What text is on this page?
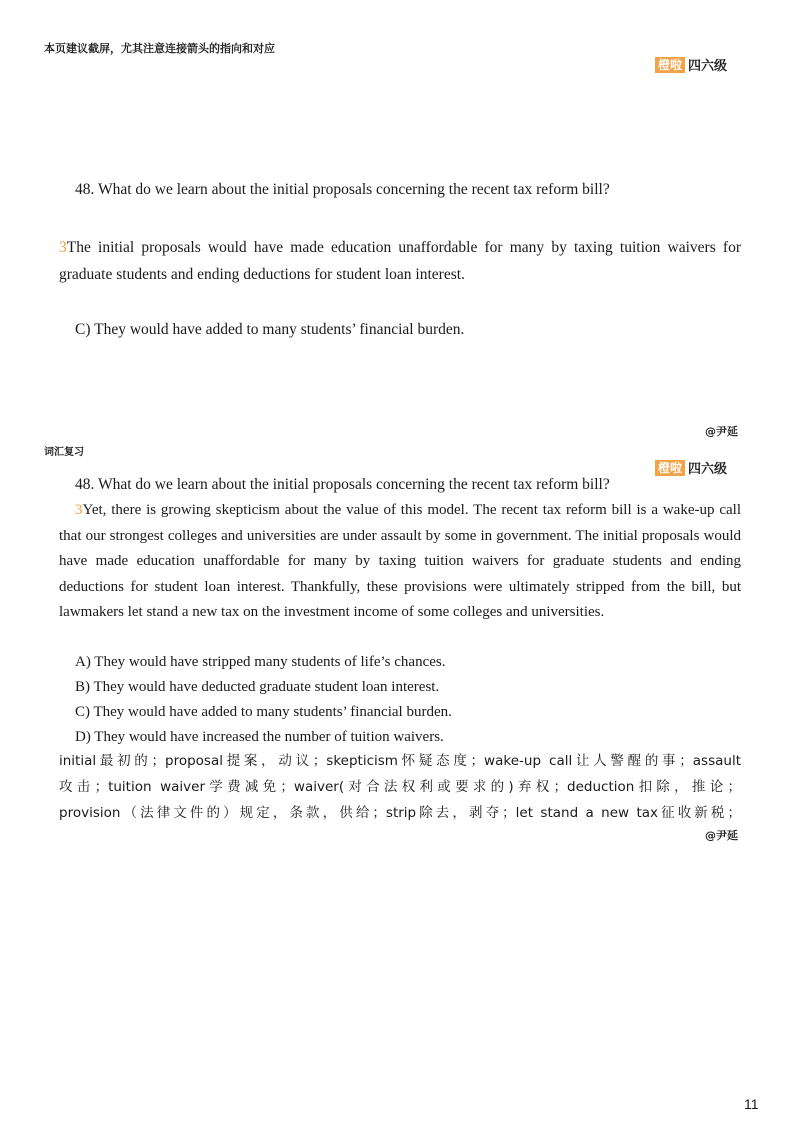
本页建议截屏，尤其注意连接箭头的指向和对应
橙啦 四六级
48. What do we learn about the initial proposals concerning the recent tax reform bill?
3The initial proposals would have made education unaffordable for many by taxing tuition waivers for graduate students and ending deductions for student loan interest.
C) They would have added to many students’ financial burden.
@尹延
词汇复习
橙啦 四六级
48. What do we learn about the initial proposals concerning the recent tax reform bill?
3Yet, there is growing skepticism about the value of this model. The recent tax reform bill is a wake-up call that our strongest colleges and universities are under assault by some in government. The initial proposals would have made education unaffordable for many by taxing tuition waivers for graduate students and ending deductions for student loan interest. Thankfully, these provisions were ultimately stripped from the bill, but lawmakers let stand a new tax on the investment income of some colleges and universities.
A) They would have stripped many students of life’s chances.
B) They would have deducted graduate student loan interest.
C) They would have added to many students’ financial burden.
D) They would have increased the number of tuition waivers.
initial最初的；proposal提案，动议；skepticism怀疑态度；wake-up call让人警醒的事；assault
攻击；tuition waiver学费减免；waiver(对合法权利或要求的)弃权；deduction扣除，推论；
provision（法律文件的）规定，条款，供给；strip除去，剥夺；let stand a new tax征收新税；
@尹延
11
